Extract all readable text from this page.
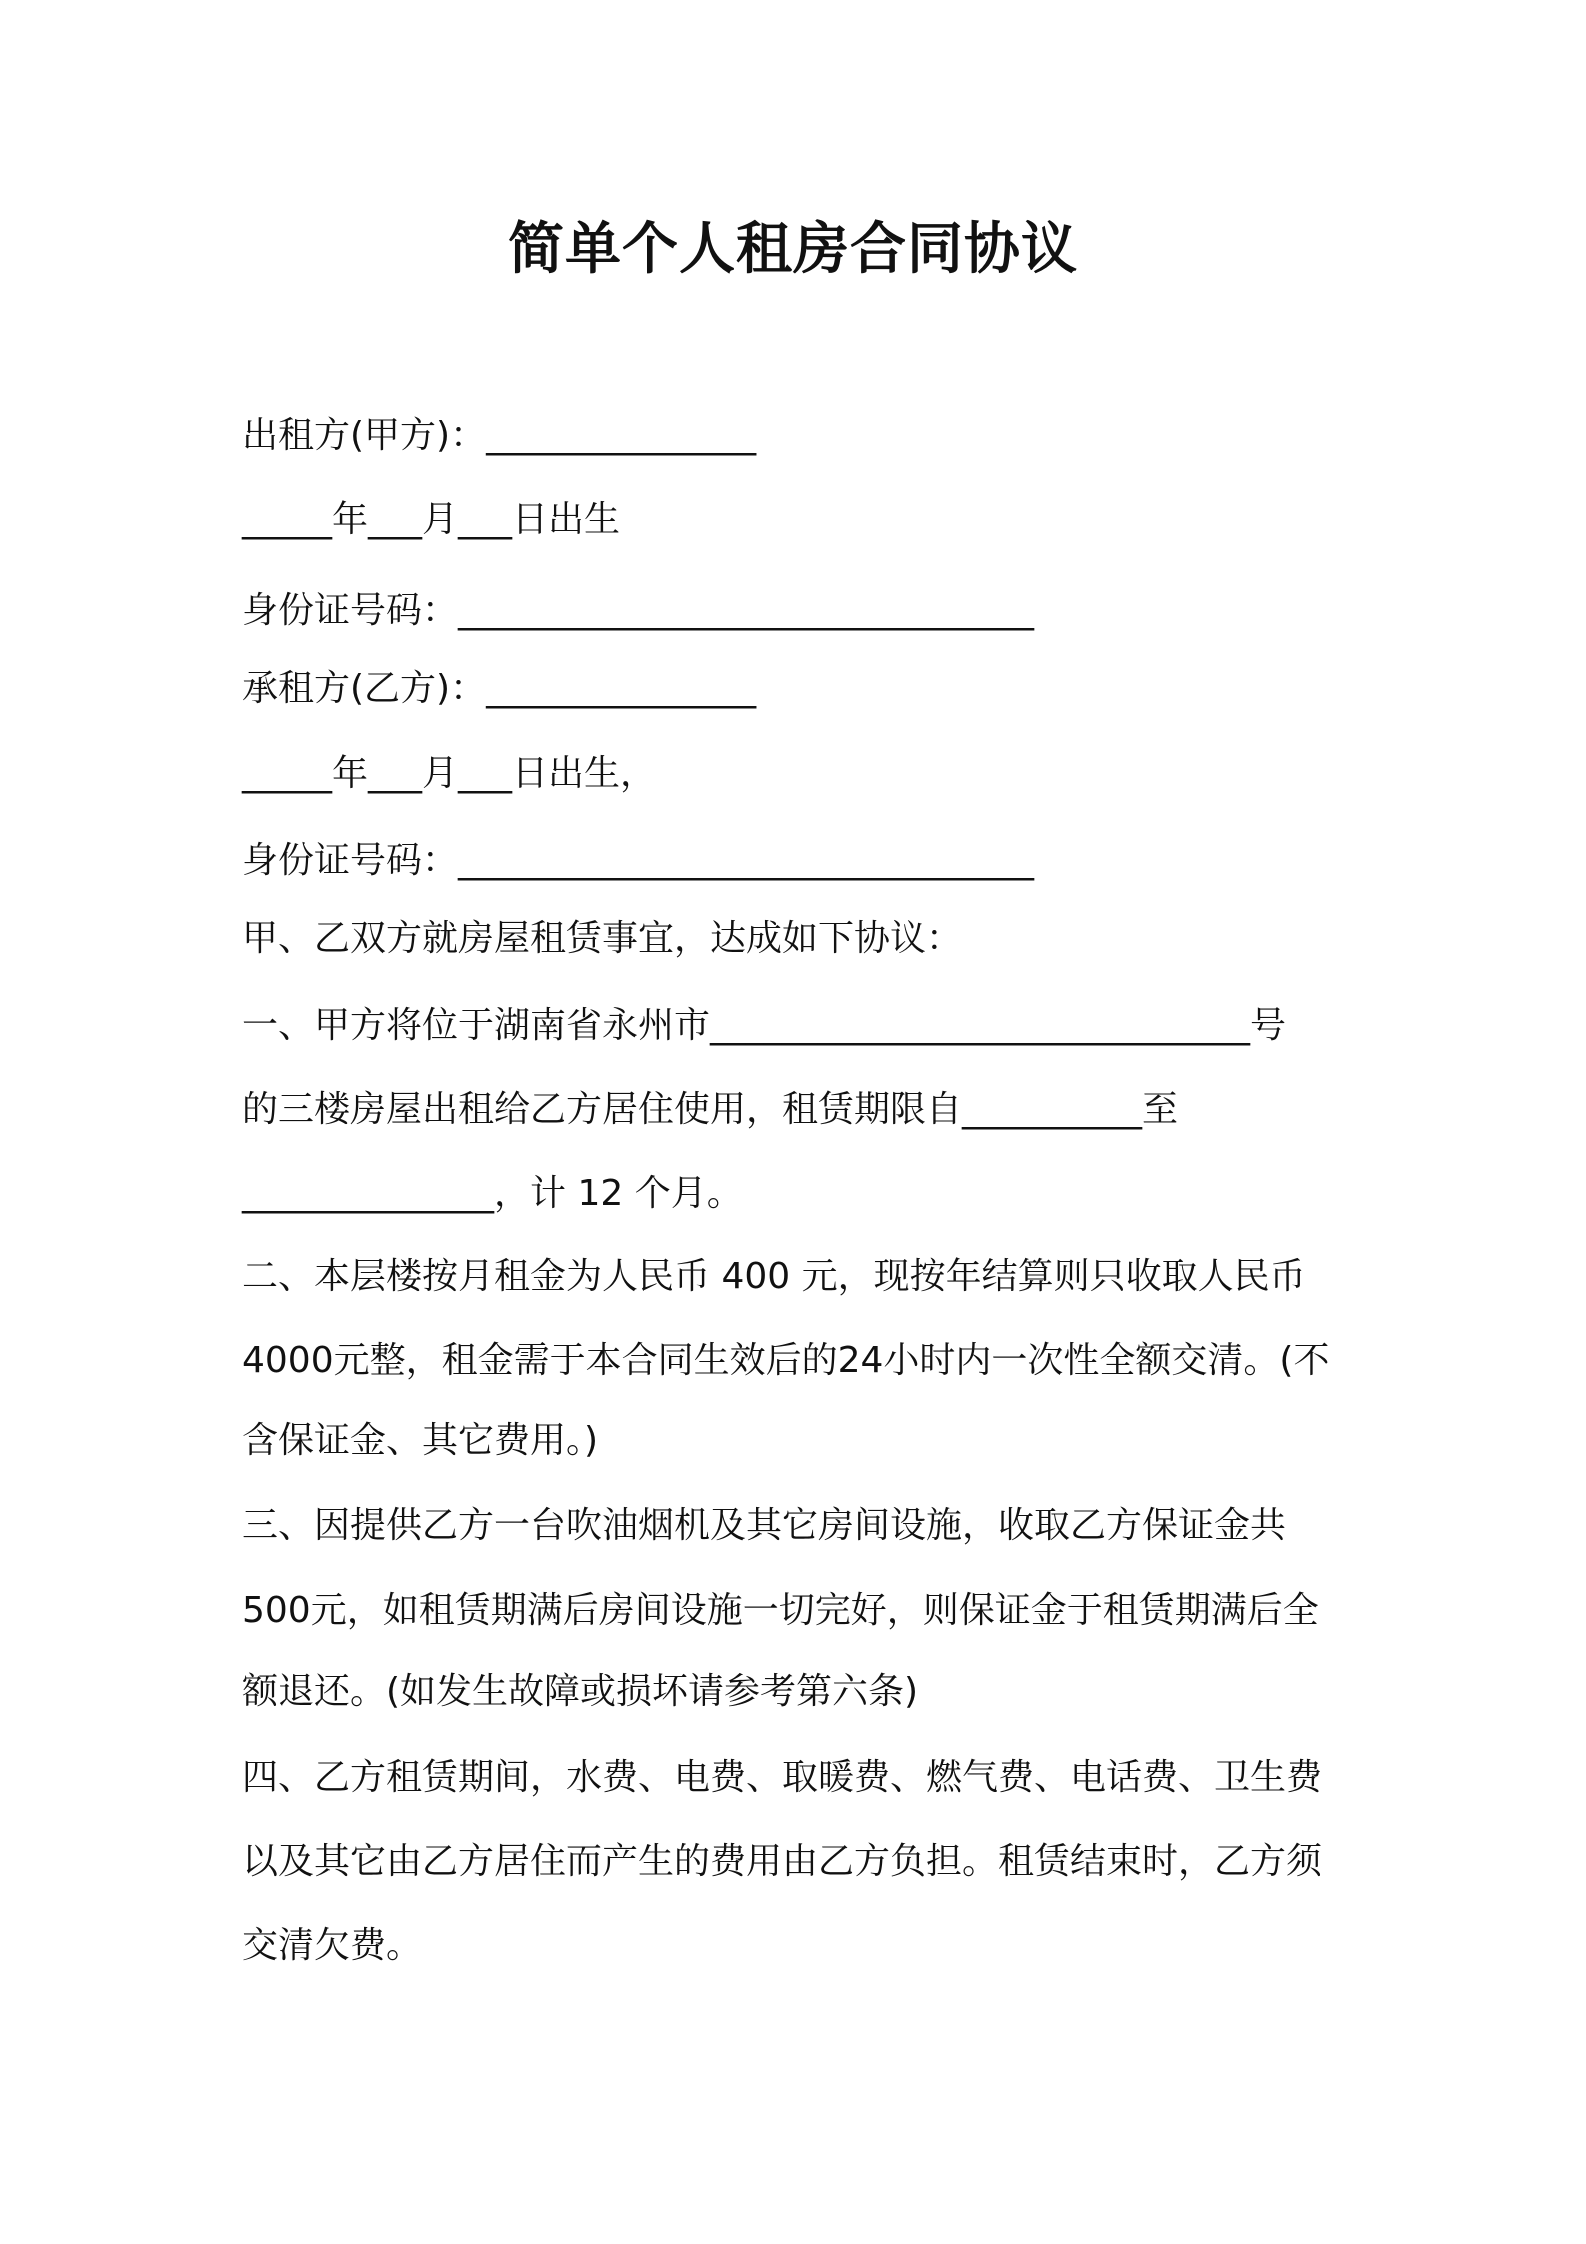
简单个人租房合同协议

出租方(甲方)：_______________

_____年___月___日出生

身份证号码：________________________________

承租方(乙方)：_______________

_____年___月___日出生，

身份证号码：________________________________

甲、乙双方就房屋租赁事宜，达成如下协议：

一、甲方将位于湖南省永州市______________________________号

的三楼房屋出租给乙方居住使用，租赁期限自__________至

______________，计 12 个月。

二、本层楼按月租金为人民币 400 元，现按年结算则只收取人民币

4000元整，租金需于本合同生效后的24小时内一次性全额交清。(不

含保证金、其它费用。)

三、因提供乙方一台吹油烟机及其它房间设施，收取乙方保证金共

500元，如租赁期满后房间设施一切完好，则保证金于租赁期满后全

额退还。(如发生故障或损坏请参考第六条)

四、乙方租赁期间，水费、电费、取暖费、燃气费、电话费、卫生费

以及其它由乙方居住而产生的费用由乙方负担。租赁结束时，乙方须

交清欠费。
